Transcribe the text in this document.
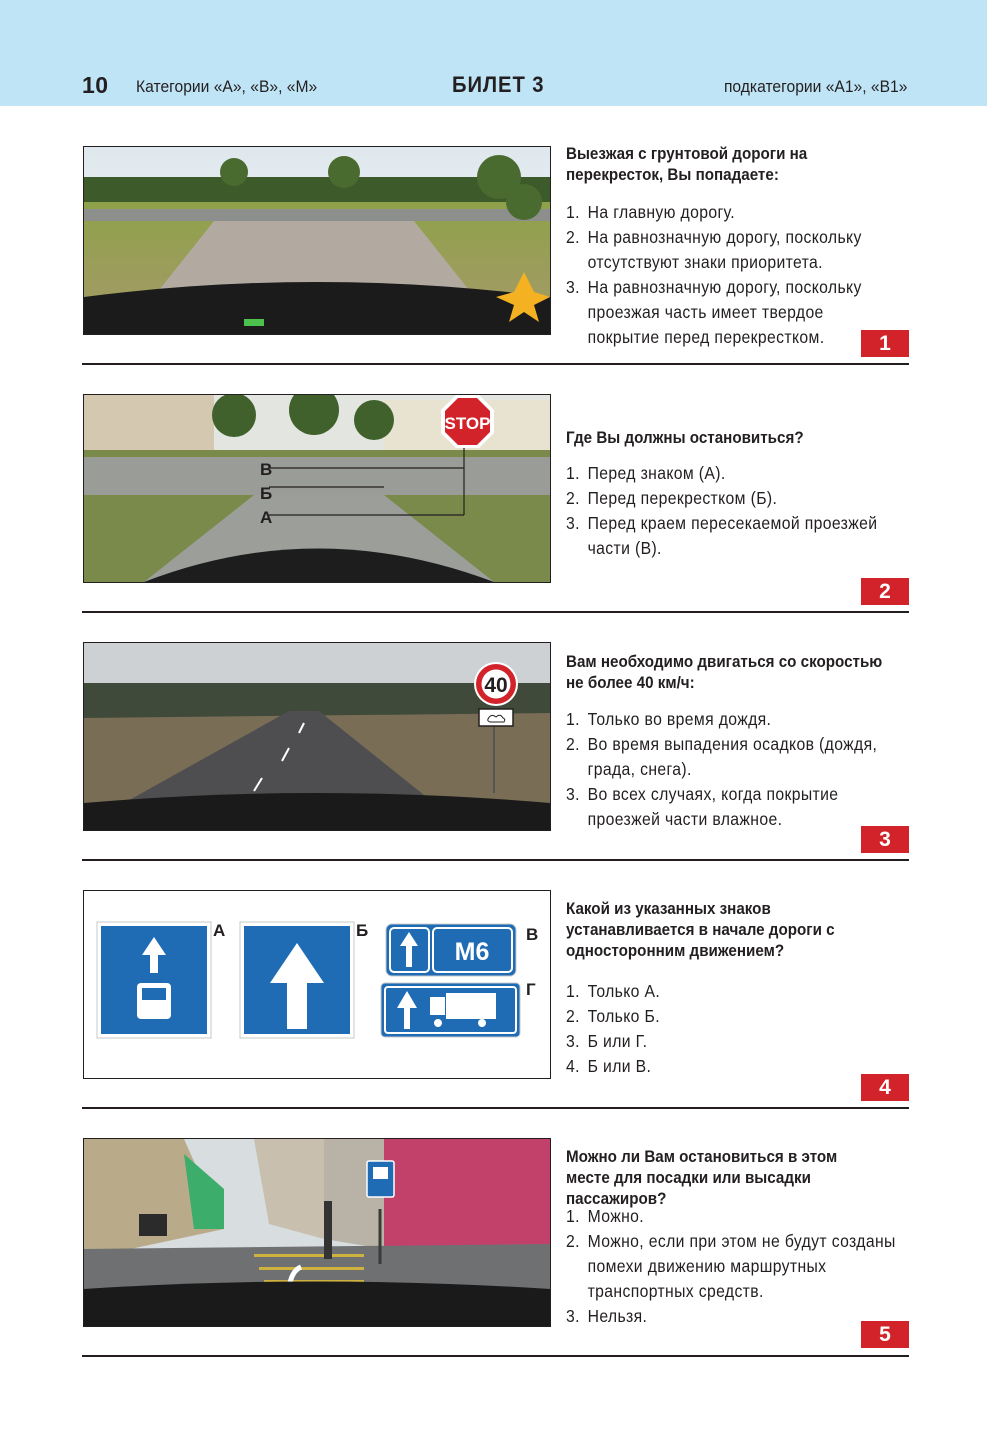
10 Категории «А», «В», «М»	БИЛЕТ 3	подкатегории «А1», «В1»
Выезжая с грунтовой дороги на перекресток, Вы попадаете:
1. На главную дорогу.
2. На равнозначную дорогу, поскольку отсутствуют знаки приоритета.
3. На равнозначную дорогу, поскольку проезжая часть имеет твердое покрытие перед перекрестком.	1
STOP
В
Б
А
Где Вы должны остановиться?
1. Перед знаком (А).
2. Перед перекрестком (Б).
3. Перед краем пересекаемой проезжей части (В).
2
40
Вам необходимо двигаться со скоростью не более 40 км/ч:
1. Только во время дождя.
2. Во время выпадения осадков (дождя, града, снега).
3. Во всех случаях, когда покрытие проезжей части влажное.
3
А	Б
М6
В
Г
Какой из указанных знаков устанавливается в начале дороги с односторонним движением?
1. Только А.
2. Только Б.
3. Б или Г.
4. Б или В.
4
Можно ли Вам остановиться в этом месте для посадки или высадки пассажиров?
1. Можно.
2. Можно, если при этом не будут созданы помехи движению маршрутных транспортных средств.
3. Нельзя.
5
